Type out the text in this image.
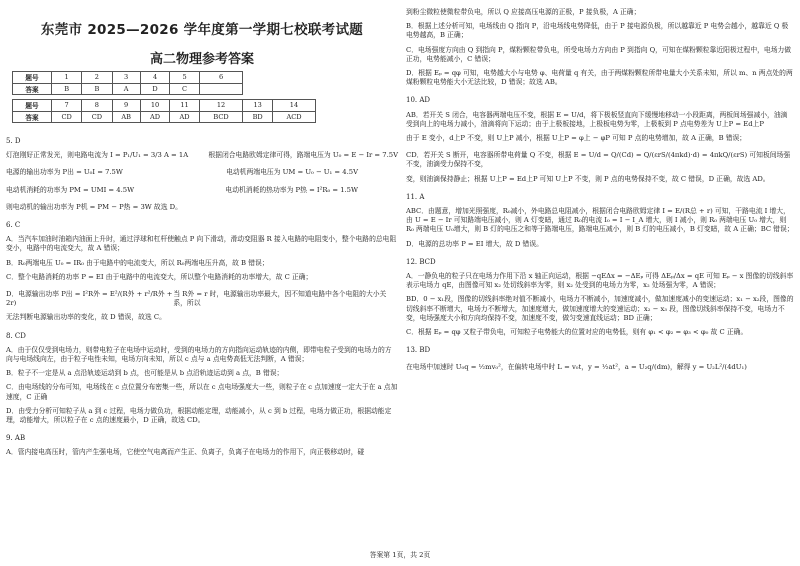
东莞市 2025—2026 学年度第一学期七校联考试题
高二物理参考答案
题号	1	2	3	4	5	6		
答案	B	B	A	D	C			

题号	7	8	9	10	11	12	13	14
答案	CD	CD	AB	AD	AD	BCD	BD	ACD

5. D

灯泡刚好正常发光，则电路电流为 I = P₁/U₁ = 3/3 A = 1A	根据闭合电路欧姆定律可得，路端电压为 U₀ = E − Ir = 7.5V
电源的输出功率为 P出 = U₀I = 7.5W	电动机两端电压为 UM = U₀ − U₁ = 4.5V
电动机消耗的功率为 PM = UMI = 4.5W	电动机消耗的热功率为 P热 = I²R₀ = 1.5W

则电动机的输出功率为 P机 = PM − P热 = 3W 故选 D。

6. C

A．当汽车加油时油箱内油面上升时，通过浮球和杠杆使触点 P 向下滑动，滑动变阻器 R 接入电路的电阻变小，整个电路的总电阻变小，电路中的电流变大，故 A 错误；

B．R₀两端电压 U₀ = IR₀ 由于电路中的电流变大，所以 R₀两端电压升高，故 B 错误；

C．整个电路消耗的功率 P = EI 由于电路中的电流变大，所以整个电路消耗的功率增大，故 C 正确；

D．电源输出功率 P出 = I²R外 = E²/(R外 + r²/R外 + 2r)
当 R外 = r 时，电源输出功率最大，因不知道电路中各个电阻的大小关系，所以

无法判断电源输出功率的变化，故 D 错误，故选 C。

8. CD

A．由于仅仅受到电场力，则带电粒子在电场中运动时，受到的电场力的方向指向运动轨迹的内侧，即带电粒子受到的电场力的方向与电场线向左，由于粒子电性未知，电场方向未知，所以 c 点与 a 点电势高低无法判断，A 错误；

B．粒子不一定是从 a 点沿轨迹运动到 b 点，也可能是从 b 点沿轨迹运动到 a 点，B 错误；

C．由电场线的分布可知，电场线在 c 点位置分布密集一些，所以在 c 点电场强度大一些，则粒子在 c 点加速度一定大于在 a 点加速度，C 正确

D．由受力分析可知粒子从 a 到 c 过程，电场力做负功，根据动能定理，动能减小，从 c 到 b 过程，电场力做正功，根据动能定理，动能增大，所以粒子在 c 点的速度最小，D 正确，故选 CD。

9. AB

A．管内接电高压时，管内产生强电场，它使空气电离而产生正、负离子，负离子在电场力的作用下，向正极移动时，碰

到粉尘微粒使微粒带负电，所以 Q 应接高压电源的正极，P 接负极，A 正确；

B．根据上述分析可知，电场线由 Q 指向 P，沿电场线电势降低，由于 P 接电源负极，所以越靠近 P 电势会越小，越靠近 Q 极电势越高，B 正确；

C．电场强度方向由 Q 到指向 P，煤粉颗粒带负电，所受电场力方向由 P 到指向 Q，可知在煤粉颗粒靠近阳极过程中，电场力做正功，电势能减小，C 错误；

D．根据 Eₚ = qφ 可知，电势越大小与电势 φ、电荷量 q 有关，由于两煤粉颗粒所带电量大小关系未知，所以 m、n 两点处的两煤粉颗粒电势能大小无法比较，D 错误；故选 AB。

10. AD

AB．若开关 S 闭合，电容器两端电压不变，根据 E = U/d，将下极板竖直向下缓慢地移动一小段距离，两板间场强减小，油滴受到向上的电场力减小，油滴将向下运动；由于上极板接地，上极板电势为零，上极板到 P 点电势差为 U上P = Ed上P

由于 E 变小，d上P 不变，则 U上P 减小，根据 U上P = φ上 − φP 可知 P 点的电势增加，故 A 正确，B 错误；

CD．若开关 S 断开，电容器所带电荷量 Q 不变，根据 E = U/d = Q/(Cd) = Q/(εrS/(4πkd)·d) = 4πkQ/(εrS) 可知板间场强不变，油滴受力保持不变，

变，则油滴保持静止；根据 U上P = Ed上P 可知 U上P 不变，则 P 点的电势保持不变，故 C 错误，D 正确，故选 AD。

11. A

ABC．由题意，增加光照强度，R₀减小，外电路总电阻减小，根据闭合电路欧姆定律 I = E/(R总 + r) 可知，干路电流 I 增大，由 U = E − Ir 可知路端电压减小，则 A 灯变暗，通过 R₀的电流 I₀ = I − I_A 增大，则 I 减小，则 R₀ 两端电压 U₀ 增大，则 R₀ 两端电压 U₀增大，则 B 灯的电压之和等于路端电压，路端电压减小，则 B 灯的电压减小，B 灯变暗，故 A 正确；BC 错误；

D．电源的总功率 P = EI 增大，故 D 错误。

12. BCD

A．一静负电的粒子只在电场力作用下沿 x 轴正向运动，根据 −qEΔx = −ΔEₚ 可得 ΔEₚ/Δx = qE 可知 Eₚ − x 图像的切线斜率表示电场力 qE，由图像可知 x₂ 处切线斜率为零，则 x₂ 处受到的电场力为零，x₂ 处场强为零，A 错误；

BD．0 − x₁段，图像的切线斜率绝对值不断减小，电场力不断减小，加速度减小，做加速度减小的变速运动；x₁ − x₂段，图像的切线斜率不断增大，电场力不断增大，加速度增大，做加速度增大的变速运动；x₂ − x₃ 段，图像切线斜率保持不变，电场力不变，电场强度大小和方向均保持不变，加速度不变，做匀变速直线运动；BD 正确；

C．根据 Eₚ = qφ 又粒子带负电，可知粒子电势能大的位置对应的电势低，则有 φ₁ < φ₂ = φ₃ < φ₀ 故 C 正确。

13. BD

在电场中加速时 U₀q = ½mv₀²，在偏转电场中时 L = v₀t，y = ½at²，a = U₂q/(dm)，解得 y = U₂L²/(4dU₁)

答案第 1页，共 2页
